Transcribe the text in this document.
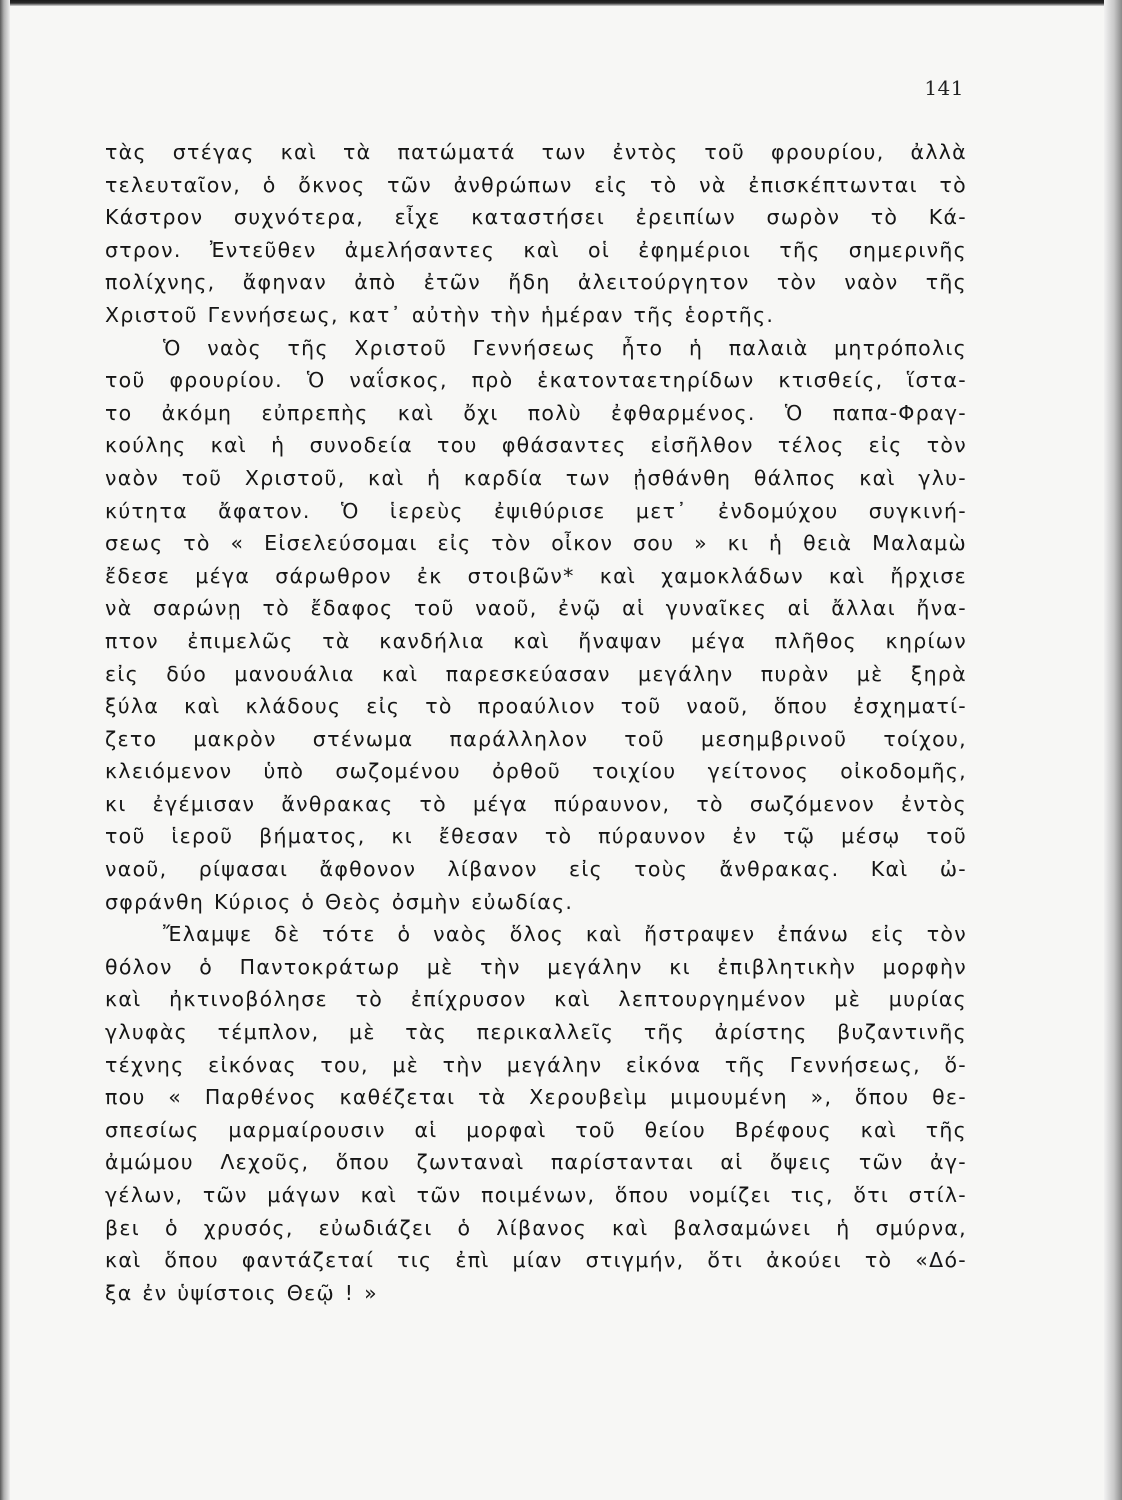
141
τὰς στέγας καὶ τὰ πατώματά των ἐντὸς τοῦ φρουρίου, ἀλλὰ
τελευταῖον, ὁ ὄκνος τῶν ἀνθρώπων εἰς τὸ νὰ ἐπισκέπτωνται τὸ
Κάστρον συχνότερα, εἶχε καταστήσει ἐρειπίων σωρὸν τὸ Κά-
στρον. Ἐντεῦθεν ἀμελήσαντες καὶ οἱ ἐφημέριοι τῆς σημερινῆς
πολίχνης, ἄφηναν ἀπὸ ἐτῶν ἤδη ἀλειτούργητον τὸν ναὸν τῆς
Χριστοῦ Γεννήσεως, κατ᾽ αὐτὴν τὴν ἡμέραν τῆς ἑορτῆς.
Ὁ ναὸς τῆς Χριστοῦ Γεννήσεως ἦτο ἡ παλαιὰ μητρόπολις
τοῦ φρουρίου. Ὁ ναΐσκος, πρὸ ἑκατονταετηρίδων κτισθείς, ἵστα-
το ἀκόμη εὐπρεπὴς καὶ ὄχι πολὺ ἐφθαρμένος. Ὁ παπα-Φραγ-
κούλης καὶ ἡ συνοδεία του φθάσαντες εἰσῆλθον τέλος εἰς τὸν
ναὸν τοῦ Χριστοῦ, καὶ ἡ καρδία των ᾐσθάνθη θάλπος καὶ γλυ-
κύτητα ἄφατον. Ὁ ἱερεὺς ἐψιθύρισε μετ᾽ ἐνδομύχου συγκινή-
σεως τὸ « Εἰσελεύσομαι εἰς τὸν οἶκον σου » κι ἡ θειὰ Μαλαμὼ
ἔδεσε μέγα σάρωθρον ἐκ στοιβῶν* καὶ χαμοκλάδων καὶ ἤρχισε
νὰ σαρώνῃ τὸ ἔδαφος τοῦ ναοῦ, ἐνῷ αἱ γυναῖκες αἱ ἄλλαι ἤνα-
πτον ἐπιμελῶς τὰ κανδήλια καὶ ἤναψαν μέγα πλῆθος κηρίων
εἰς δύο μανουάλια καὶ παρεσκεύασαν μεγάλην πυρὰν μὲ ξηρὰ
ξύλα καὶ κλάδους εἰς τὸ προαύλιον τοῦ ναοῦ, ὅπου ἐσχηματί-
ζετο μακρὸν στένωμα παράλληλον τοῦ μεσημβρινοῦ τοίχου,
κλειόμενον ὑπὸ σωζομένου ὀρθοῦ τοιχίου γείτονος οἰκοδομῆς,
κι ἐγέμισαν ἄνθρακας τὸ μέγα πύραυνον, τὸ σωζόμενον ἐντὸς
τοῦ ἱεροῦ βήματος, κι ἔθεσαν τὸ πύραυνον ἐν τῷ μέσῳ τοῦ
ναοῦ, ρίψασαι ἄφθονον λίβανον εἰς τοὺς ἄνθρακας. Καὶ ὠ-
σφράνθη Κύριος ὁ Θεὸς ὀσμὴν εὐωδίας.
Ἔλαμψε δὲ τότε ὁ ναὸς ὅλος καὶ ἤστραψεν ἐπάνω εἰς τὸν
θόλον ὁ Παντοκράτωρ μὲ τὴν μεγάλην κι ἐπιβλητικὴν μορφὴν
καὶ ἠκτινοβόλησε τὸ ἐπίχρυσον καὶ λεπτουργημένον μὲ μυρίας
γλυφὰς τέμπλον, μὲ τὰς περικαλλεῖς τῆς ἀρίστης βυζαντινῆς
τέχνης εἰκόνας του, μὲ τὴν μεγάλην εἰκόνα τῆς Γεννήσεως, ὅ-
που « Παρθένος καθέζεται τὰ Χερουβεὶμ μιμουμένη », ὅπου θε-
σπεσίως μαρμαίρουσιν αἱ μορφαὶ τοῦ θείου Βρέφους καὶ τῆς
ἀμώμου Λεχοῦς, ὅπου ζωνταναὶ παρίστανται αἱ ὄψεις τῶν ἀγ-
γέλων, τῶν μάγων καὶ τῶν ποιμένων, ὅπου νομίζει τις, ὅτι στίλ-
βει ὁ χρυσός, εὐωδιάζει ὁ λίβανος καὶ βαλσαμώνει ἡ σμύρνα,
καὶ ὅπου φαντάζεταί τις ἐπὶ μίαν στιγμήν, ὅτι ἀκούει τὸ «Δό-
ξα ἐν ὑψίστοις Θεῷ ! »
